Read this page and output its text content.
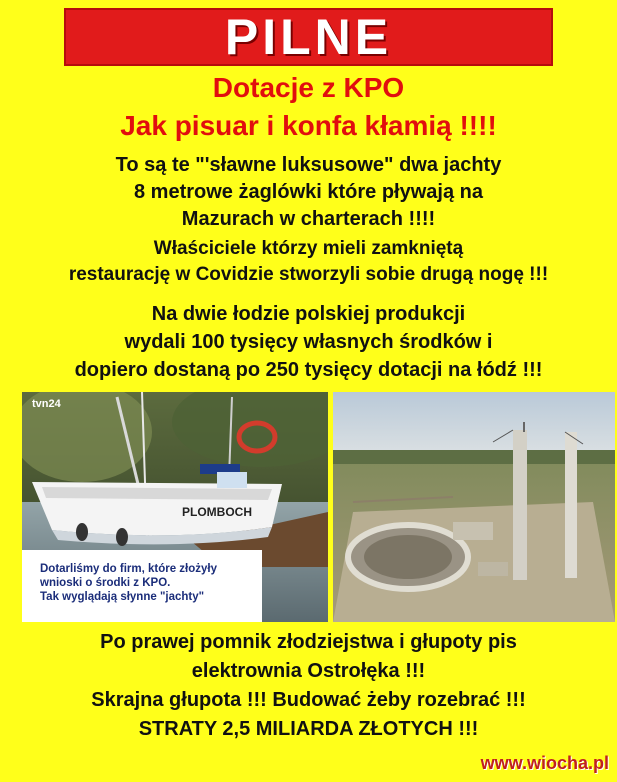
PILNE
Dotacje z KPO
Jak pisuar i konfa kłamią !!!!
To są te "'sławne luksusowe" dwa jachty
8 metrowe żaglówki które pływają na
Mazurach w charterach !!!!
Właściciele którzy mieli zamkniętą
restaurację w Covidzie stworzyli sobie drugą nogę !!!
Na dwie łodzie polskiej produkcji
wydali 100 tysięcy własnych środków i
dopiero dostaną po 250 tysięcy dotacji na łódź !!!
PLOMBOCH
tvn24
Dotarliśmy do firm, które złożyły
wnioski o środki z KPO.
Tak wyglądają słynne "jachty"
Po prawej pomnik złodziejstwa i głupoty pis
elektrownia Ostrołęka !!!
Skrajna głupota !!! Budować żeby rozebrać !!!
STRATY 2,5 MILIARDA ZŁOTYCH !!!
www.wiocha.pl
